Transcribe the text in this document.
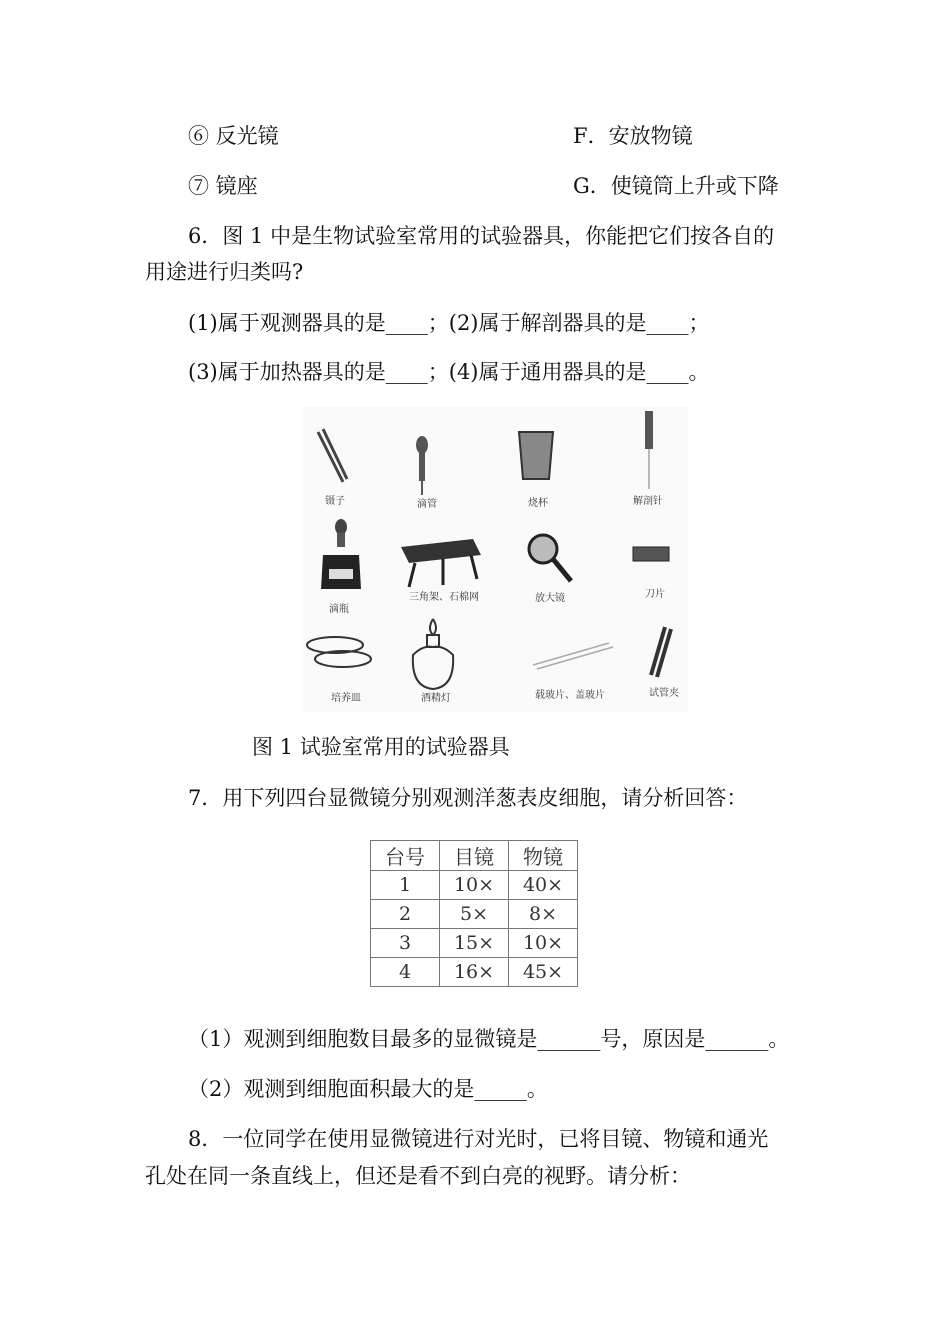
⑥ 反光镜	F．安放物镜
⑦ 镜座	G．使镜筒上升或下降
6．图 1 中是生物试验室常用的试验器具，你能把它们按各自的
用途进行归类吗?
(1)属于观测器具的是____；(2)属于解剖器具的是____；
(3)属于加热器具的是____；(4)属于通用器具的是____。
镊子	滴管	烧杯	解剖针
滴瓶
三角架、石棉网	放大镜	刀片
培养皿	酒精灯	载玻片、盖玻片	试管夹
图 1 试验室常用的试验器具
7．用下列四台显微镜分别观测洋葱表皮细胞，请分析回答：
台号	目镜	物镜
1	10×	40×
2	5×	8×
3	15×	10×
4	16×	45×
（1）观测到细胞数目最多的显微镜是______号，原因是______。
（2）观测到细胞面积最大的是_____。
8．一位同学在使用显微镜进行对光时，已将目镜、物镜和通光
孔处在同一条直线上，但还是看不到白亮的视野。请分析：
